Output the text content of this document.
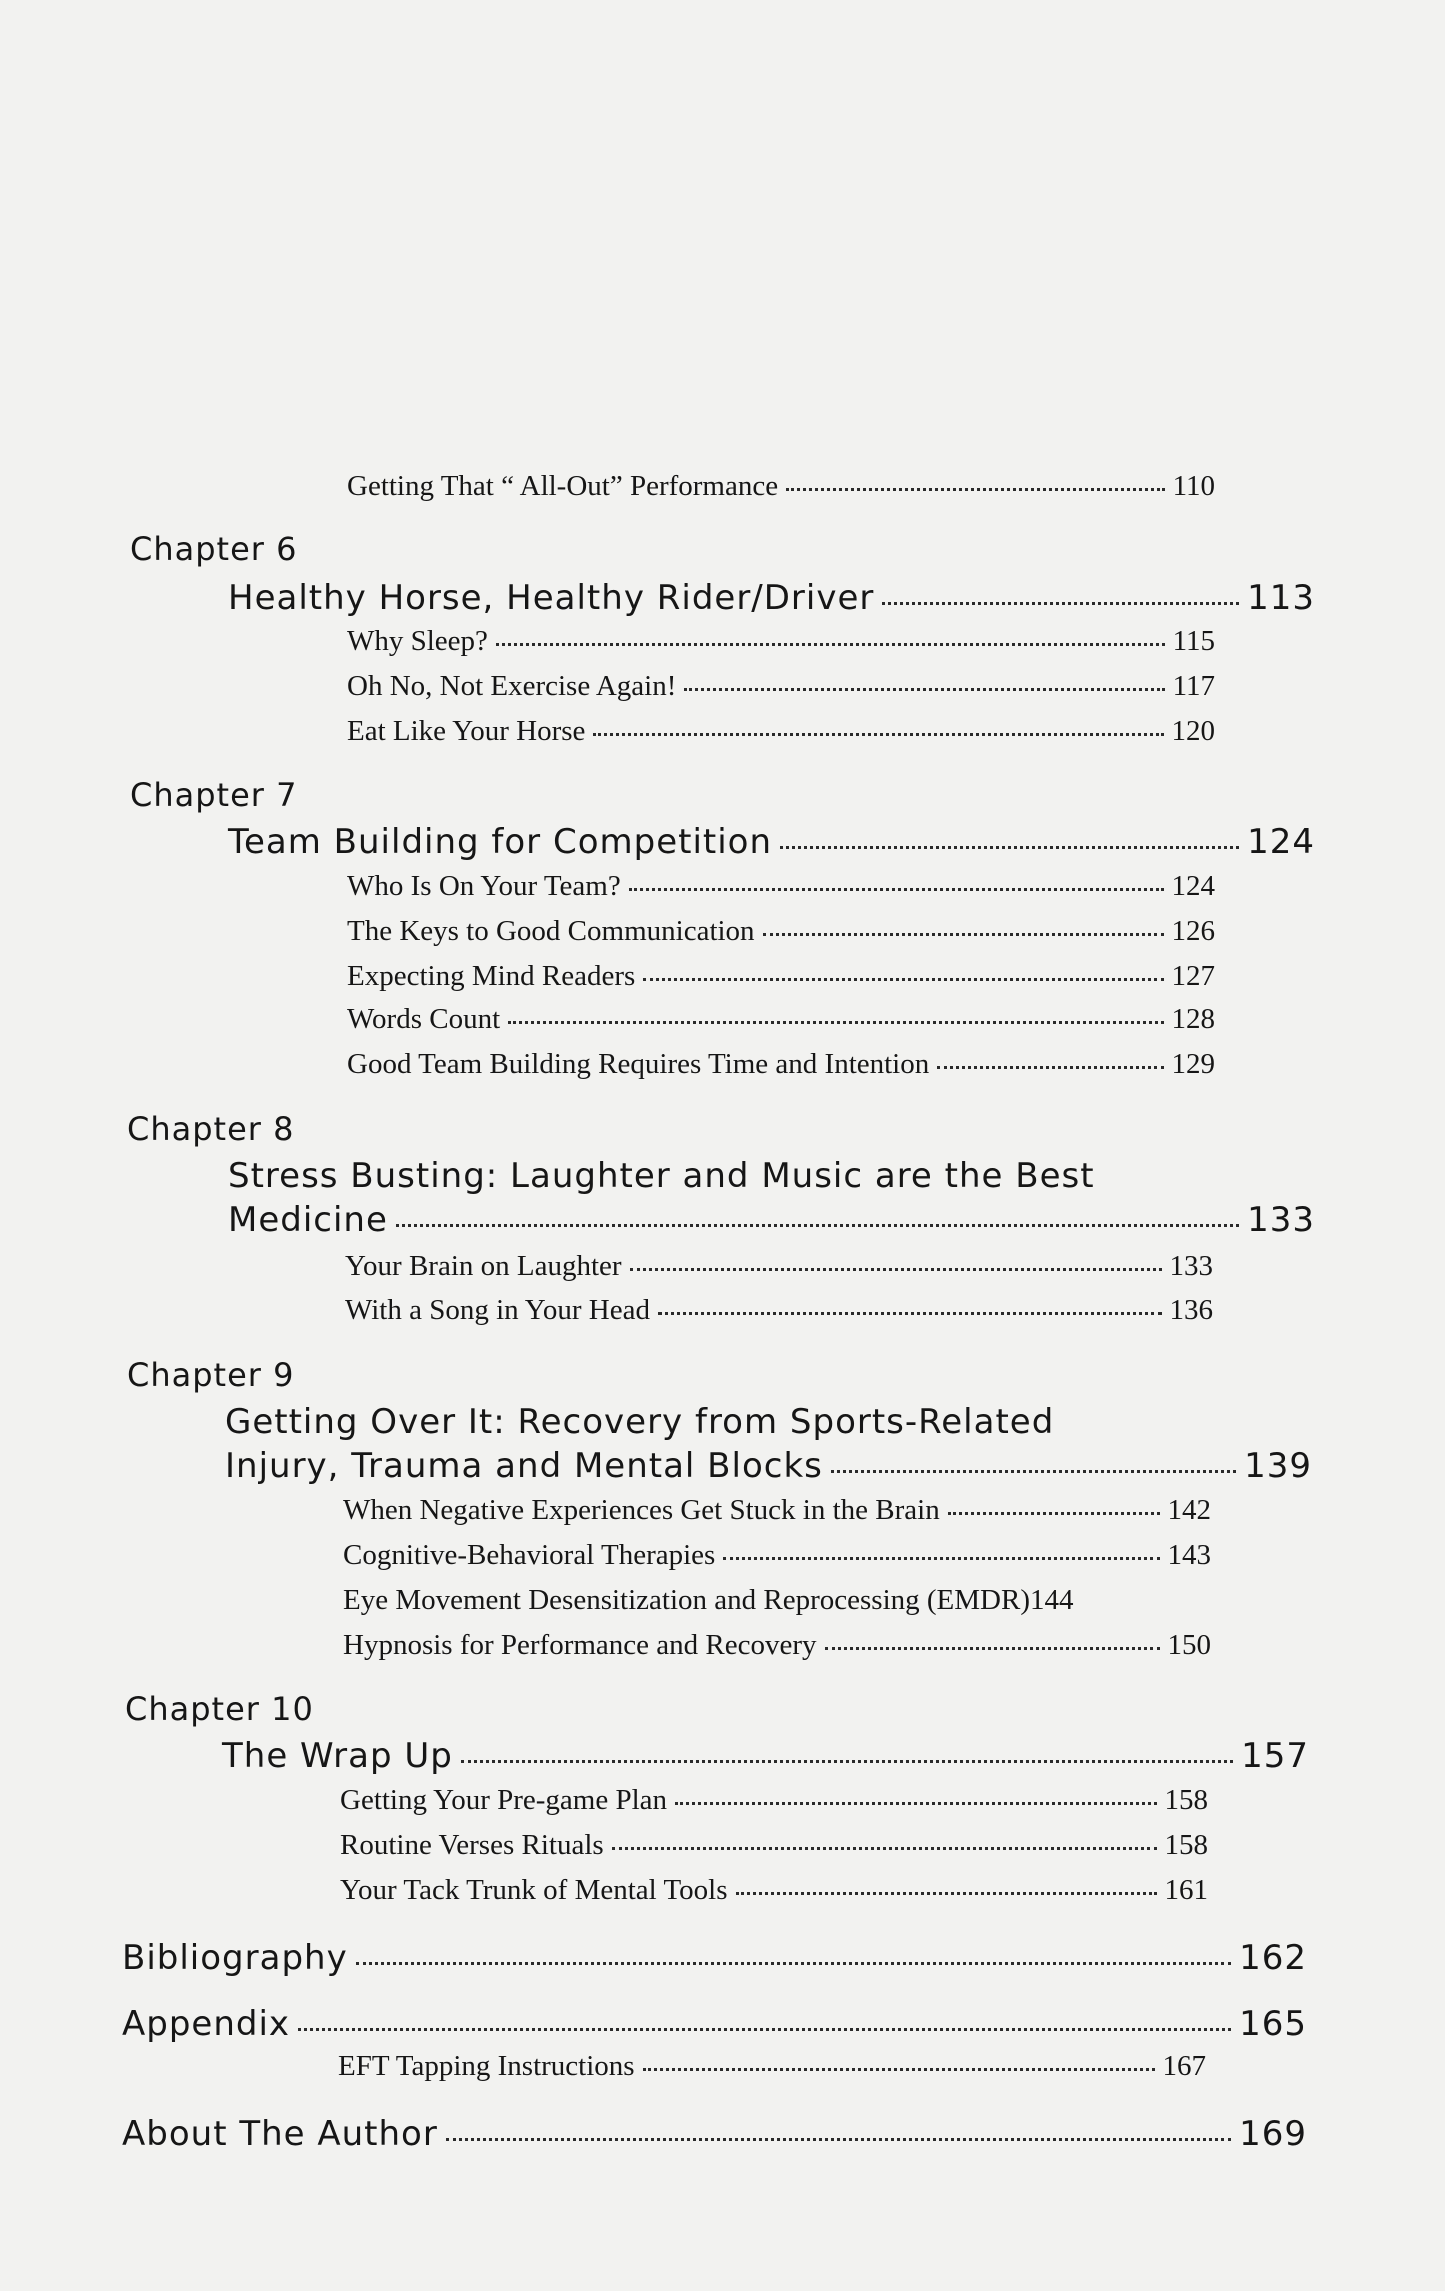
Getting That “ All-Out” Performance	110
Chapter 6
Healthy Horse, Healthy Rider/Driver	113
Why Sleep?	115
Oh No, Not Exercise Again!	117
Eat Like Your Horse	120
Chapter 7
Team Building for Competition	124
Who Is On Your Team?	124
The Keys to Good Communication	126
Expecting Mind Readers	127
Words Count	128
Good Team Building Requires Time and Intention	129
Chapter 8
Stress Busting: Laughter and Music are the Best
Medicine	133
Your Brain on Laughter	133
With a Song in Your Head	136
Chapter 9
Getting Over It: Recovery from Sports-Related
Injury, Trauma and Mental Blocks	139
When Negative Experiences Get Stuck in the Brain	142
Cognitive-Behavioral Therapies	143
Eye Movement Desensitization and Reprocessing (EMDR) 144
Hypnosis for Performance and Recovery	150
Chapter 10
The Wrap Up	157
Getting Your Pre-game Plan	158
Routine Verses Rituals	158
Your Tack Trunk of Mental Tools	161
Bibliography	162
Appendix	165
EFT Tapping Instructions	167
About The Author	169
